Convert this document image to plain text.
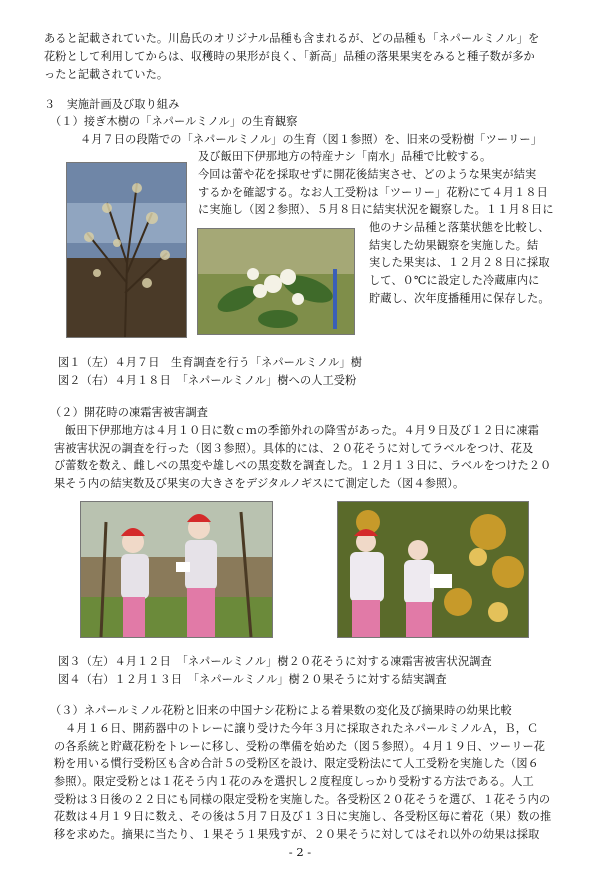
あると記載されていた。川島氏のオリジナル品種も含まれるが、どの品種も「ネパールミノル」を
花粉として利用してからは、収穫時の果形が良く、「新高」品種の落果果実をみると種子数が多か
ったと記載されていた。
３　実施計画及び取り組み
（１）接ぎ木樹の「ネパールミノル」の生育観察
４月７日の段階での「ネパールミノル」の生育（図１参照）を、旧来の受粉樹「ツーリー」
及び飯田下伊那地方の特産ナシ「南水」品種で比較する。
今回は蕾や花を採取せずに開花後結実させ、どのような果実が結実
するかを確認する。なお人工受粉は「ツーリー」花粉にて４月１８日
に実施し（図２参照）、５月８日に結実状況を観察した。１１月８日に
他のナシ品種と落葉状態を比較し、
結実した幼果観察を実施した。結
実した果実は、１２月２８日に採取
して、０℃に設定した冷蔵庫内に
貯蔵し、次年度播種用に保存した。
図１（左）４月７日　生育調査を行う「ネパールミノル」樹
図２（右）４月１８日　「ネパールミノル」樹への人工受粉
（２）開花時の凍霜害被害調査
飯田下伊那地方は４月１０日に数ｃｍの季節外れの降雪があった。４月９日及び１２日に凍霜
害被害状況の調査を行った（図３参照）。具体的には、２０花そうに対してラベルをつけ、花及
び蕾数を数え、雌しべの黒変や雄しべの黒変数を調査した。１２月１３日に、ラベルをつけた２０
果そう内の結実数及び果実の大きさをデジタルノギスにて測定した（図４参照）。
図３（左）４月１２日　「ネパールミノル」樹２０花そうに対する凍霜害被害状況調査
図４（右）１２月１３日　「ネパールミノル」樹２０果そうに対する結実調査
（３）ネパールミノル花粉と旧来の中国ナシ花粉による着果数の変化及び摘果時の幼果比較
４月１６日、開葯器中のトレーに譲り受けた今年３月に採取されたネパールミノルＡ，Ｂ，Ｃ
の各系統と貯蔵花粉をトレーに移し、受粉の準備を始めた（図５参照）。４月１９日、ツーリー花
粉を用いる慣行受粉区も含め合計５の受粉区を設け、限定受粉法にて人工受粉を実施した（図６
参照）。限定受粉とは１花そう内１花のみを選択し２度程度しっかり受粉する方法である。人工
受粉は３日後の２２日にも同様の限定受粉を実施した。各受粉区２０花そうを選び、１花そう内の
花数は４月１９日に数え、その後は５月７日及び１３日に実施し、各受粉区毎に着花（果）数の推
移を求めた。摘果に当たり、１果そう１果残すが、２０果そうに対してはそれ以外の幼果は採取
- 2 -
